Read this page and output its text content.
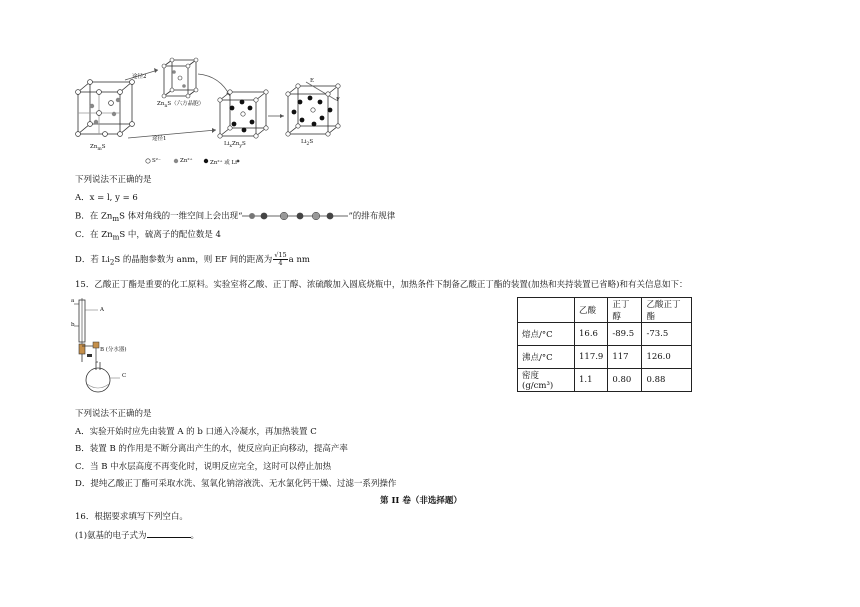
途径2
途径1
$Zn_nS$（六方晶胞）
$Zn_mS$	$Li_xZn_yS$	$Li_2S$
E
F
S²⁻	Zn²⁺	Zn²⁺ 或 Li⁺
下列说法不正确的是
A．x = l, y = 6
B．在 $Zn_mS$ 体对角线的一维空间上会出现“	”的排布规律
C．在 $Zn_mS$ 中，硫离子的配位数是 4
D．若 $Li_2S$ 的晶胞参数为 anm，则 EF 间的距离为 $\frac{√15}{4}$ a nm
15．乙酸正丁酯是重要的化工原料。实验室将乙酸、正丁醇、浓硫酸加入圆底烧瓶中，加热条件下制备乙酸正丁酯的装置(加热和夹持装置已省略)和有关信息如下：
a
b
A
B (分水器)
C
	乙酸	正丁醇	乙酸正丁酯
熔点/°C	16.6	-89.5	-73.5
沸点/°C	117.9	117	126.0
密度(g/cm³)	1.1	0.80	0.88
下列说法不正确的是
A．实验开始时应先由装置 A 的 b 口通入冷凝水，再加热装置 C
B．装置 B 的作用是不断分离出产生的水，使反应向正向移动，提高产率
C．当 B 中水层高度不再变化时，说明反应完全，这时可以停止加热
D．提纯乙酸正丁酯可采取水洗、氢氧化钠溶液洗、无水氯化钙干燥、过滤一系列操作
第 II 卷（非选择题）
16．根据要求填写下列空白。
(1)氨基的电子式为	。
